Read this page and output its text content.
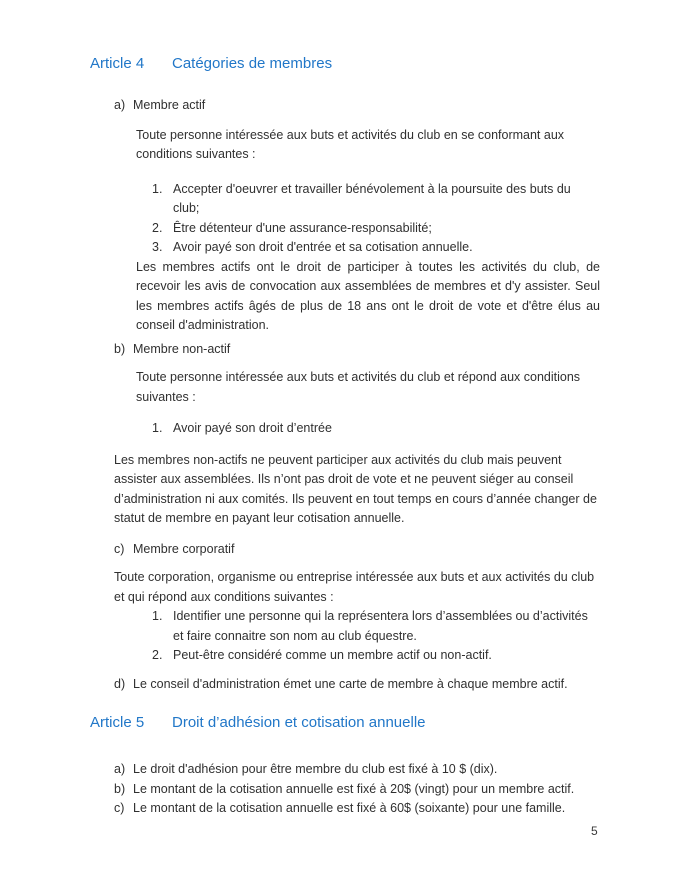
Article 4	Catégories de membres
a) Membre actif

Toute personne intéressée aux buts et activités du club en se conformant aux conditions suivantes :

1. Accepter d'oeuvrer et travailler bénévolement à la poursuite des buts du club;
2. Être détenteur d'une assurance-responsabilité;
3. Avoir payé son droit d'entrée et sa cotisation annuelle.

Les membres actifs ont le droit de participer à toutes les activités du club, de recevoir les avis de convocation aux assemblées de membres et d'y assister. Seul les membres actifs âgés de plus de 18 ans ont le droit de vote et d'être élus au conseil d'administration.

b) Membre non-actif

Toute personne intéressée aux buts et activités du club et répond aux conditions suivantes :

1. Avoir payé son droit d’entrée

Les membres non-actifs ne peuvent participer aux activités du club mais peuvent assister aux assemblées. Ils n’ont pas droit de vote et ne peuvent siéger au conseil d’administration ni aux comités. Ils peuvent en tout temps en cours d’année changer de statut de membre en payant leur cotisation annuelle.

c) Membre corporatif

Toute corporation, organisme ou entreprise intéressée aux buts et aux activités du club  et qui répond aux conditions suivantes :

1. Identifier une personne qui la représentera lors d’assemblées ou d’activités et faire connaitre son nom au club équestre.
2. Peut-être considéré comme un membre actif ou non-actif.
d) Le conseil d'administration émet une carte de membre à chaque membre actif.
Article 5	Droit d’adhésion et cotisation annuelle
a) Le droit d'adhésion pour être membre du club est fixé à 10 $ (dix).
b) Le montant de la cotisation annuelle est fixé à 20$ (vingt) pour un membre actif.
c) Le montant de la cotisation annuelle est fixé à 60$ (soixante) pour une famille.
5
